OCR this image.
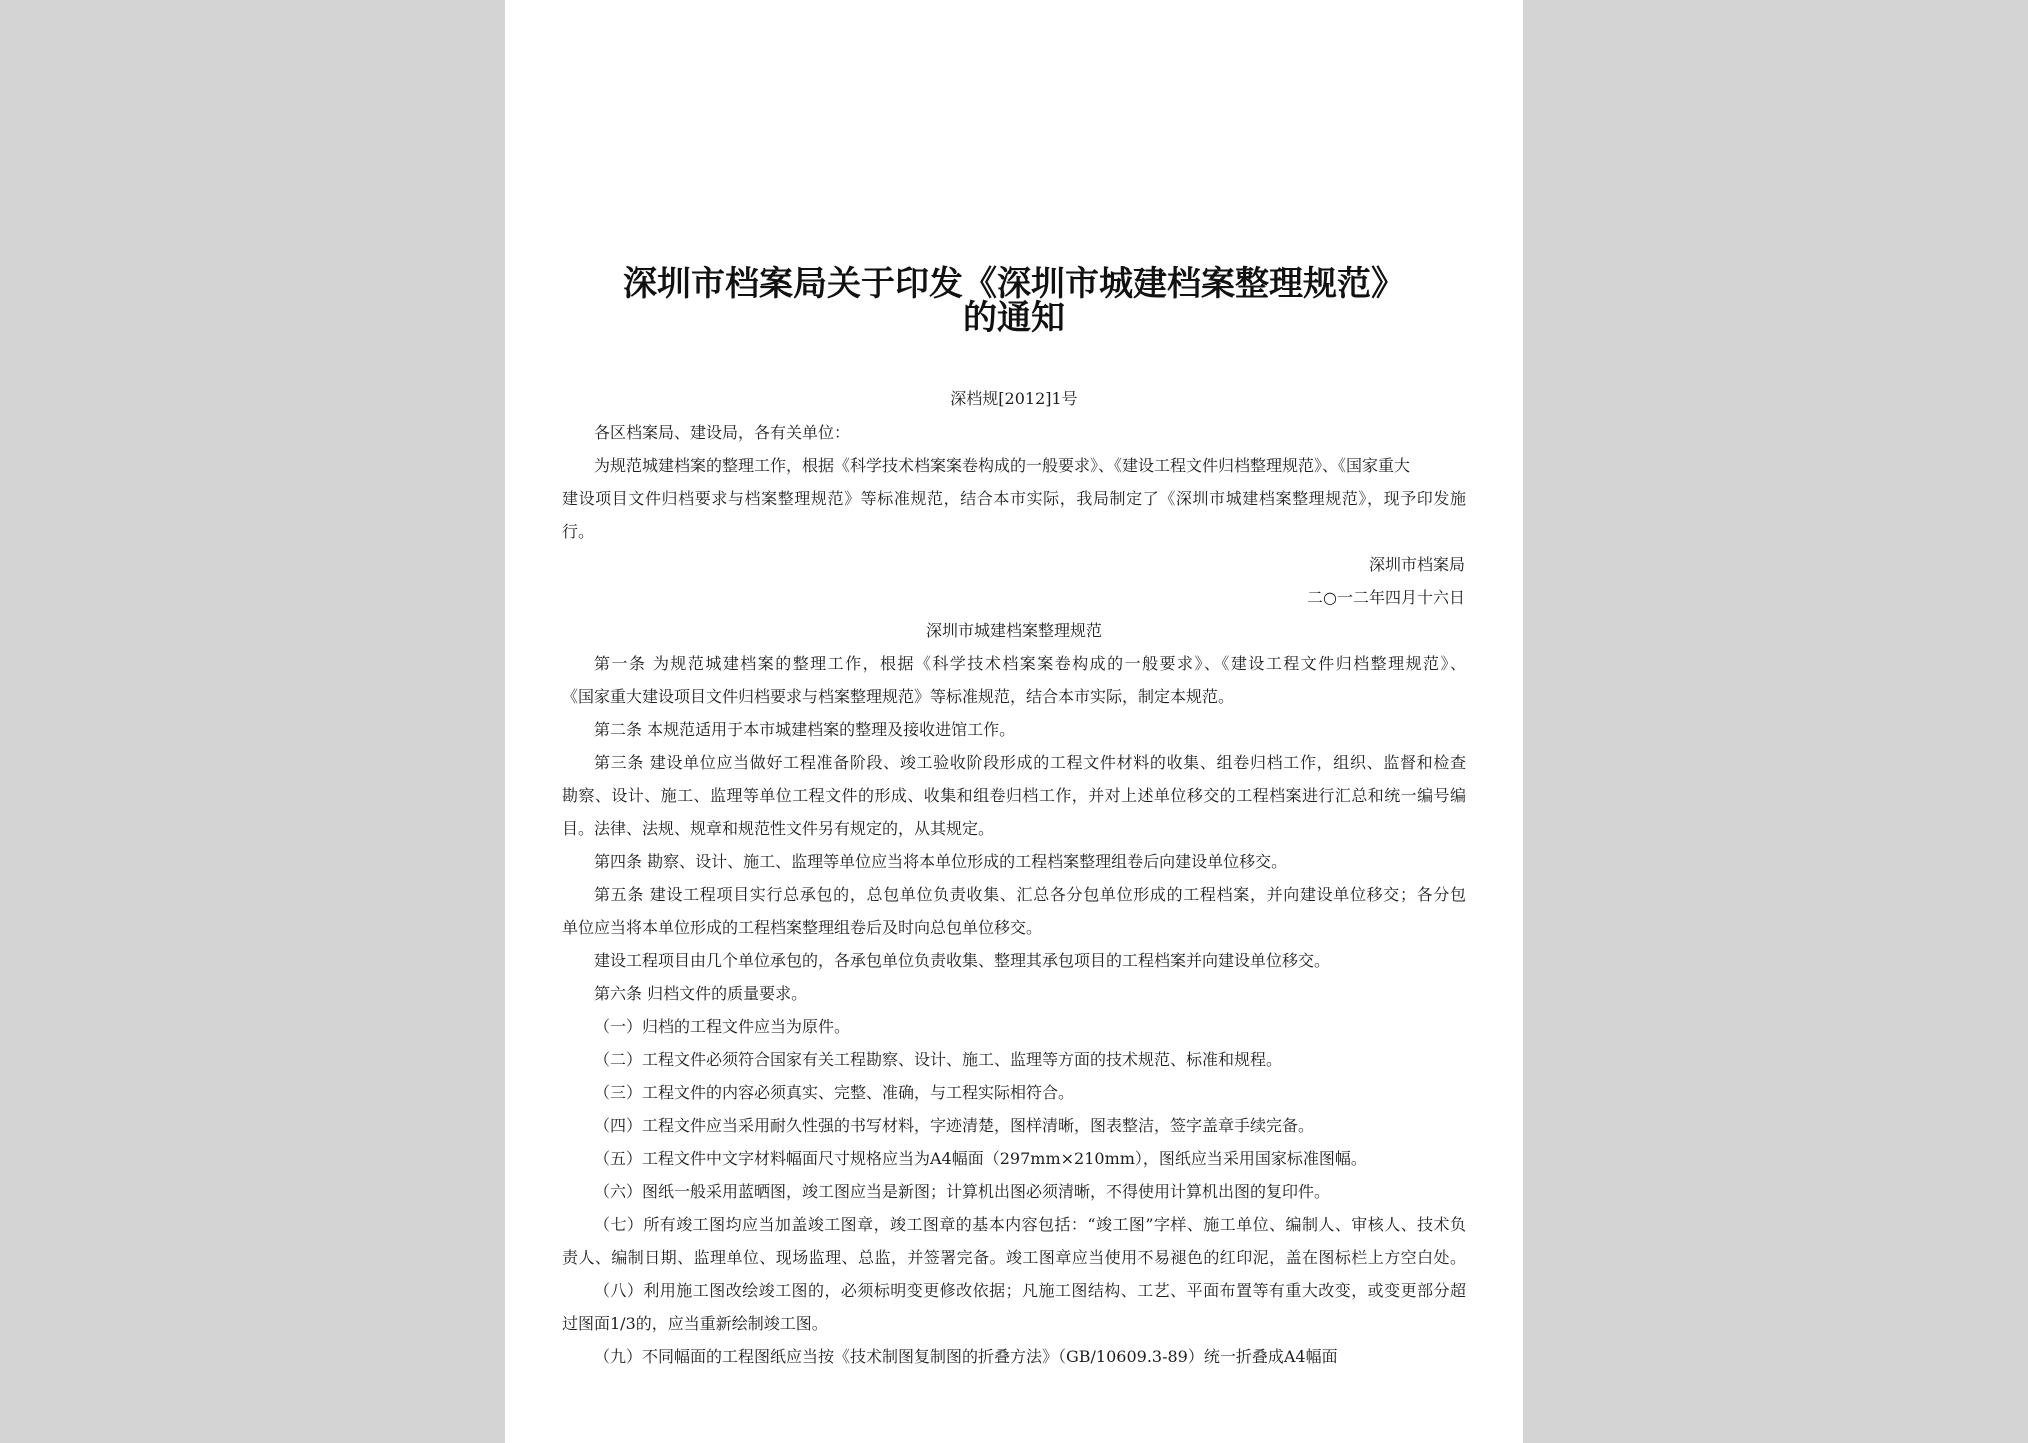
深圳市档案局关于印发《深圳市城建档案整理规范》
的通知
深档规[2012]1号
各区档案局、建设局，各有关单位：
为规范城建档案的整理工作，根据《科学技术档案案卷构成的一般要求》、《建设工程文件归档整理规范》、《国家重大
建设项目文件归档要求与档案整理规范》等标准规范，结合本市实际，我局制定了《深圳市城建档案整理规范》，现予印发施
行。
深圳市档案局
二○一二年四月十六日
深圳市城建档案整理规范
第一条 为规范城建档案的整理工作，根据《科学技术档案案卷构成的一般要求》、《建设工程文件归档整理规范》、
《国家重大建设项目文件归档要求与档案整理规范》等标准规范，结合本市实际，制定本规范。
第二条 本规范适用于本市城建档案的整理及接收进馆工作。
第三条 建设单位应当做好工程准备阶段、竣工验收阶段形成的工程文件材料的收集、组卷归档工作，组织、监督和检查
勘察、设计、施工、监理等单位工程文件的形成、收集和组卷归档工作，并对上述单位移交的工程档案进行汇总和统一编号编
目。法律、法规、规章和规范性文件另有规定的，从其规定。
第四条 勘察、设计、施工、监理等单位应当将本单位形成的工程档案整理组卷后向建设单位移交。
第五条 建设工程项目实行总承包的，总包单位负责收集、汇总各分包单位形成的工程档案，并向建设单位移交；各分包
单位应当将本单位形成的工程档案整理组卷后及时向总包单位移交。
建设工程项目由几个单位承包的，各承包单位负责收集、整理其承包项目的工程档案并向建设单位移交。
第六条 归档文件的质量要求。
（一）归档的工程文件应当为原件。
（二）工程文件必须符合国家有关工程勘察、设计、施工、监理等方面的技术规范、标准和规程。
（三）工程文件的内容必须真实、完整、准确，与工程实际相符合。
（四）工程文件应当采用耐久性强的书写材料，字迹清楚，图样清晰，图表整洁，签字盖章手续完备。
（五）工程文件中文字材料幅面尺寸规格应当为A4幅面（297mm×210mm），图纸应当采用国家标准图幅。
（六）图纸一般采用蓝晒图，竣工图应当是新图；计算机出图必须清晰，不得使用计算机出图的复印件。
（七）所有竣工图均应当加盖竣工图章，竣工图章的基本内容包括：“竣工图”字样、施工单位、编制人、审核人、技术负
责人、编制日期、监理单位、现场监理、总监，并签署完备。竣工图章应当使用不易褪色的红印泥，盖在图标栏上方空白处。
（八）利用施工图改绘竣工图的，必须标明变更修改依据；凡施工图结构、工艺、平面布置等有重大改变，或变更部分超
过图面1/3的，应当重新绘制竣工图。
（九）不同幅面的工程图纸应当按《技术制图复制图的折叠方法》（GB/10609.3-89）统一折叠成A4幅面
